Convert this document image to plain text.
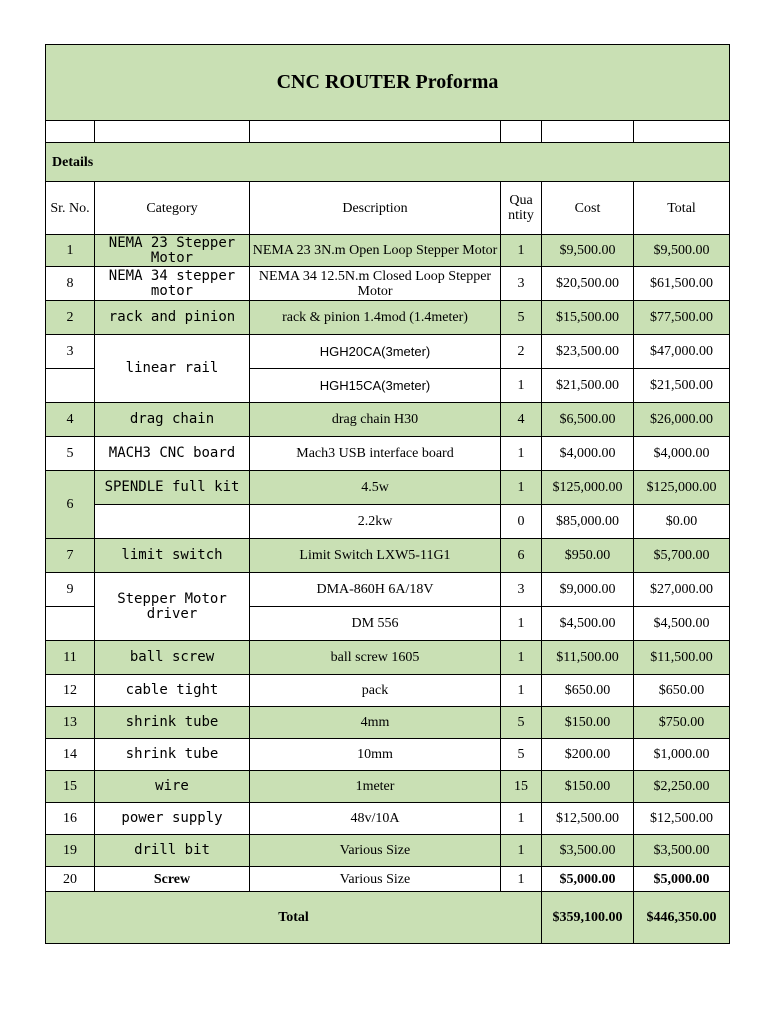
CNC ROUTER Proforma					

Details					
Sr. No.	Category	Description	Qua ntity	Cost	Total
1	NEMA 23 Stepper Motor	NEMA 23 3N.m Open Loop Stepper Motor	1	$9,500.00	$9,500.00
8	NEMA 34 stepper motor	NEMA 34 12.5N.m Closed Loop Stepper Motor	3	$20,500.00	$61,500.00
2	rack and pinion	rack & pinion 1.4mod (1.4meter)	5	$15,500.00	$77,500.00
3	linear rail	HGH20CA(3meter)	2	$23,500.00	$47,000.00
		HGH15CA(3meter)	1	$21,500.00	$21,500.00
4	drag chain	drag chain H30	4	$6,500.00	$26,000.00
5	MACH3 CNC board	Mach3 USB interface board	1	$4,000.00	$4,000.00
6	SPENDLE full kit	4.5w	1	$125,000.00	$125,000.00
		2.2kw	0	$85,000.00	$0.00
7	limit switch	Limit Switch LXW5-11G1	6	$950.00	$5,700.00
9	Stepper Motor driver	DMA-860H 6A/18V	3	$9,000.00	$27,000.00
		DM 556	1	$4,500.00	$4,500.00
11	ball screw	ball screw 1605	1	$11,500.00	$11,500.00
12	cable tight	pack	1	$650.00	$650.00
13	shrink tube	4mm	5	$150.00	$750.00
14	shrink tube	10mm	5	$200.00	$1,000.00
15	wire	1meter	15	$150.00	$2,250.00
16	power supply	48v/10A	1	$12,500.00	$12,500.00
19	drill bit	Various Size	1	$3,500.00	$3,500.00
20	Screw	Various Size	1	$5,000.00	$5,000.00
Total				$359,100.00	$446,350.00
